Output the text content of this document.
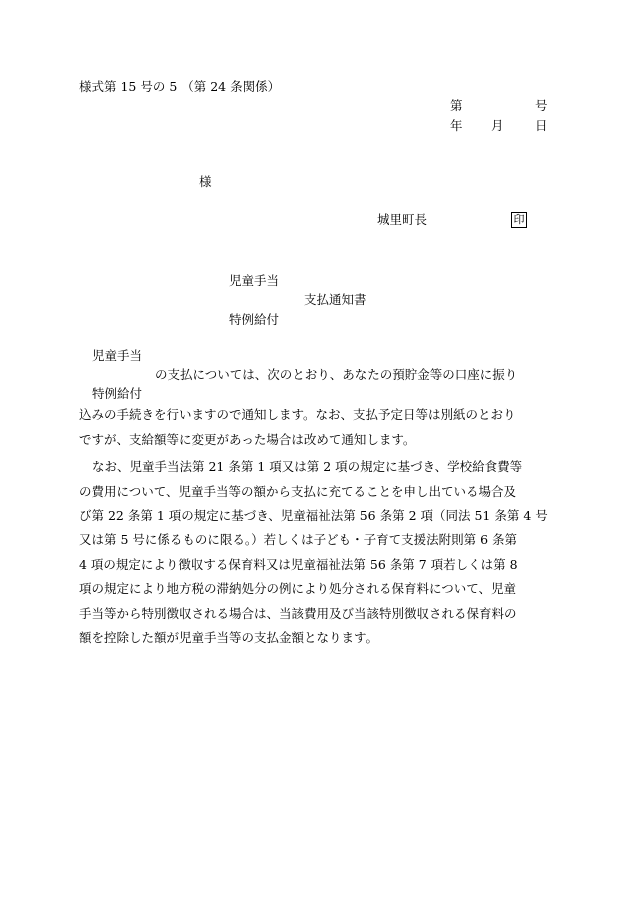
様式第 15 号の 5 （第 24 条関係）
第	号
年 月	日
様
城里町長	印
児童手当
支払通知書
特例給付
児童手当
の支払については、次のとおり、あなたの預貯金等の口座に振り
特例給付
込みの手続きを行いますので通知します。なお、支払予定日等は別紙のとおり
ですが、支給額等に変更があった場合は改めて通知します。
なお、児童手当法第 21 条第 1 項又は第 2 項の規定に基づき、学校給食費等
の費用について、児童手当等の額から支払に充てることを申し出ている場合及
び第 22 条第 1 項の規定に基づき、児童福祉法第 56 条第 2 項（同法 51 条第 4 号
又は第 5 号に係るものに限る。）若しくは子ども・子育て支援法附則第 6 条第
4 項の規定により徴収する保育料又は児童福祉法第 56 条第 7 項若しくは第 8
項の規定により地方税の滞納処分の例により処分される保育料について、児童
手当等から特別徴収される場合は、当該費用及び当該特別徴収される保育料の
額を控除した額が児童手当等の支払金額となります。
